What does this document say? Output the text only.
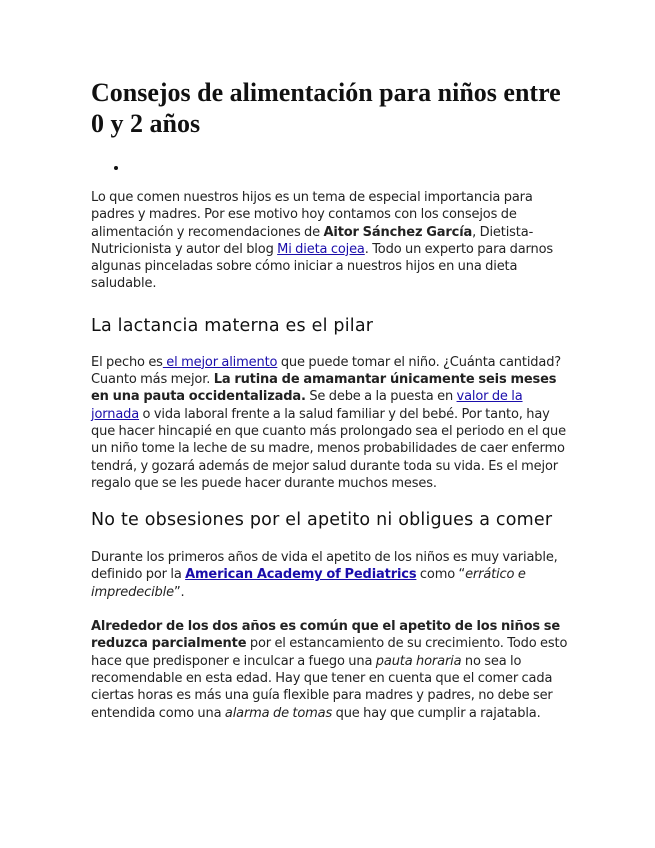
Consejos de alimentación para niños entre 0 y 2 años

Lo que comen nuestros hijos es un tema de especial importancia para padres y madres. Por ese motivo hoy contamos con los consejos de alimentación y recomendaciones de Aitor Sánchez García, Dietista-Nutricionista y autor del blog Mi dieta cojea. Todo un experto para darnos algunas pinceladas sobre cómo iniciar a nuestros hijos en una dieta saludable.

La lactancia materna es el pilar

El pecho es el mejor alimento que puede tomar el niño. ¿Cuánta cantidad? Cuanto más mejor. La rutina de amamantar únicamente seis meses en una pauta occidentalizada. Se debe a la puesta en valor de la jornada o vida laboral frente a la salud familiar y del bebé. Por tanto, hay que hacer hincapié en que cuanto más prolongado sea el periodo en el que un niño tome la leche de su madre, menos probabilidades de caer enfermo tendrá, y gozará además de mejor salud durante toda su vida. Es el mejor regalo que se les puede hacer durante muchos meses.

No te obsesiones por el apetito ni obligues a comer

Durante los primeros años de vida el apetito de los niños es muy variable, definido por la American Academy of Pediatrics como “errático e impredecible”.

Alrededor de los dos años es común que el apetito de los niños se reduzca parcialmente por el estancamiento de su crecimiento. Todo esto hace que predisponer e inculcar a fuego una pauta horaria no sea lo recomendable en esta edad. Hay que tener en cuenta que el comer cada ciertas horas es más una guía flexible para madres y padres, no debe ser entendida como una alarma de tomas que hay que cumplir a rajatabla.
